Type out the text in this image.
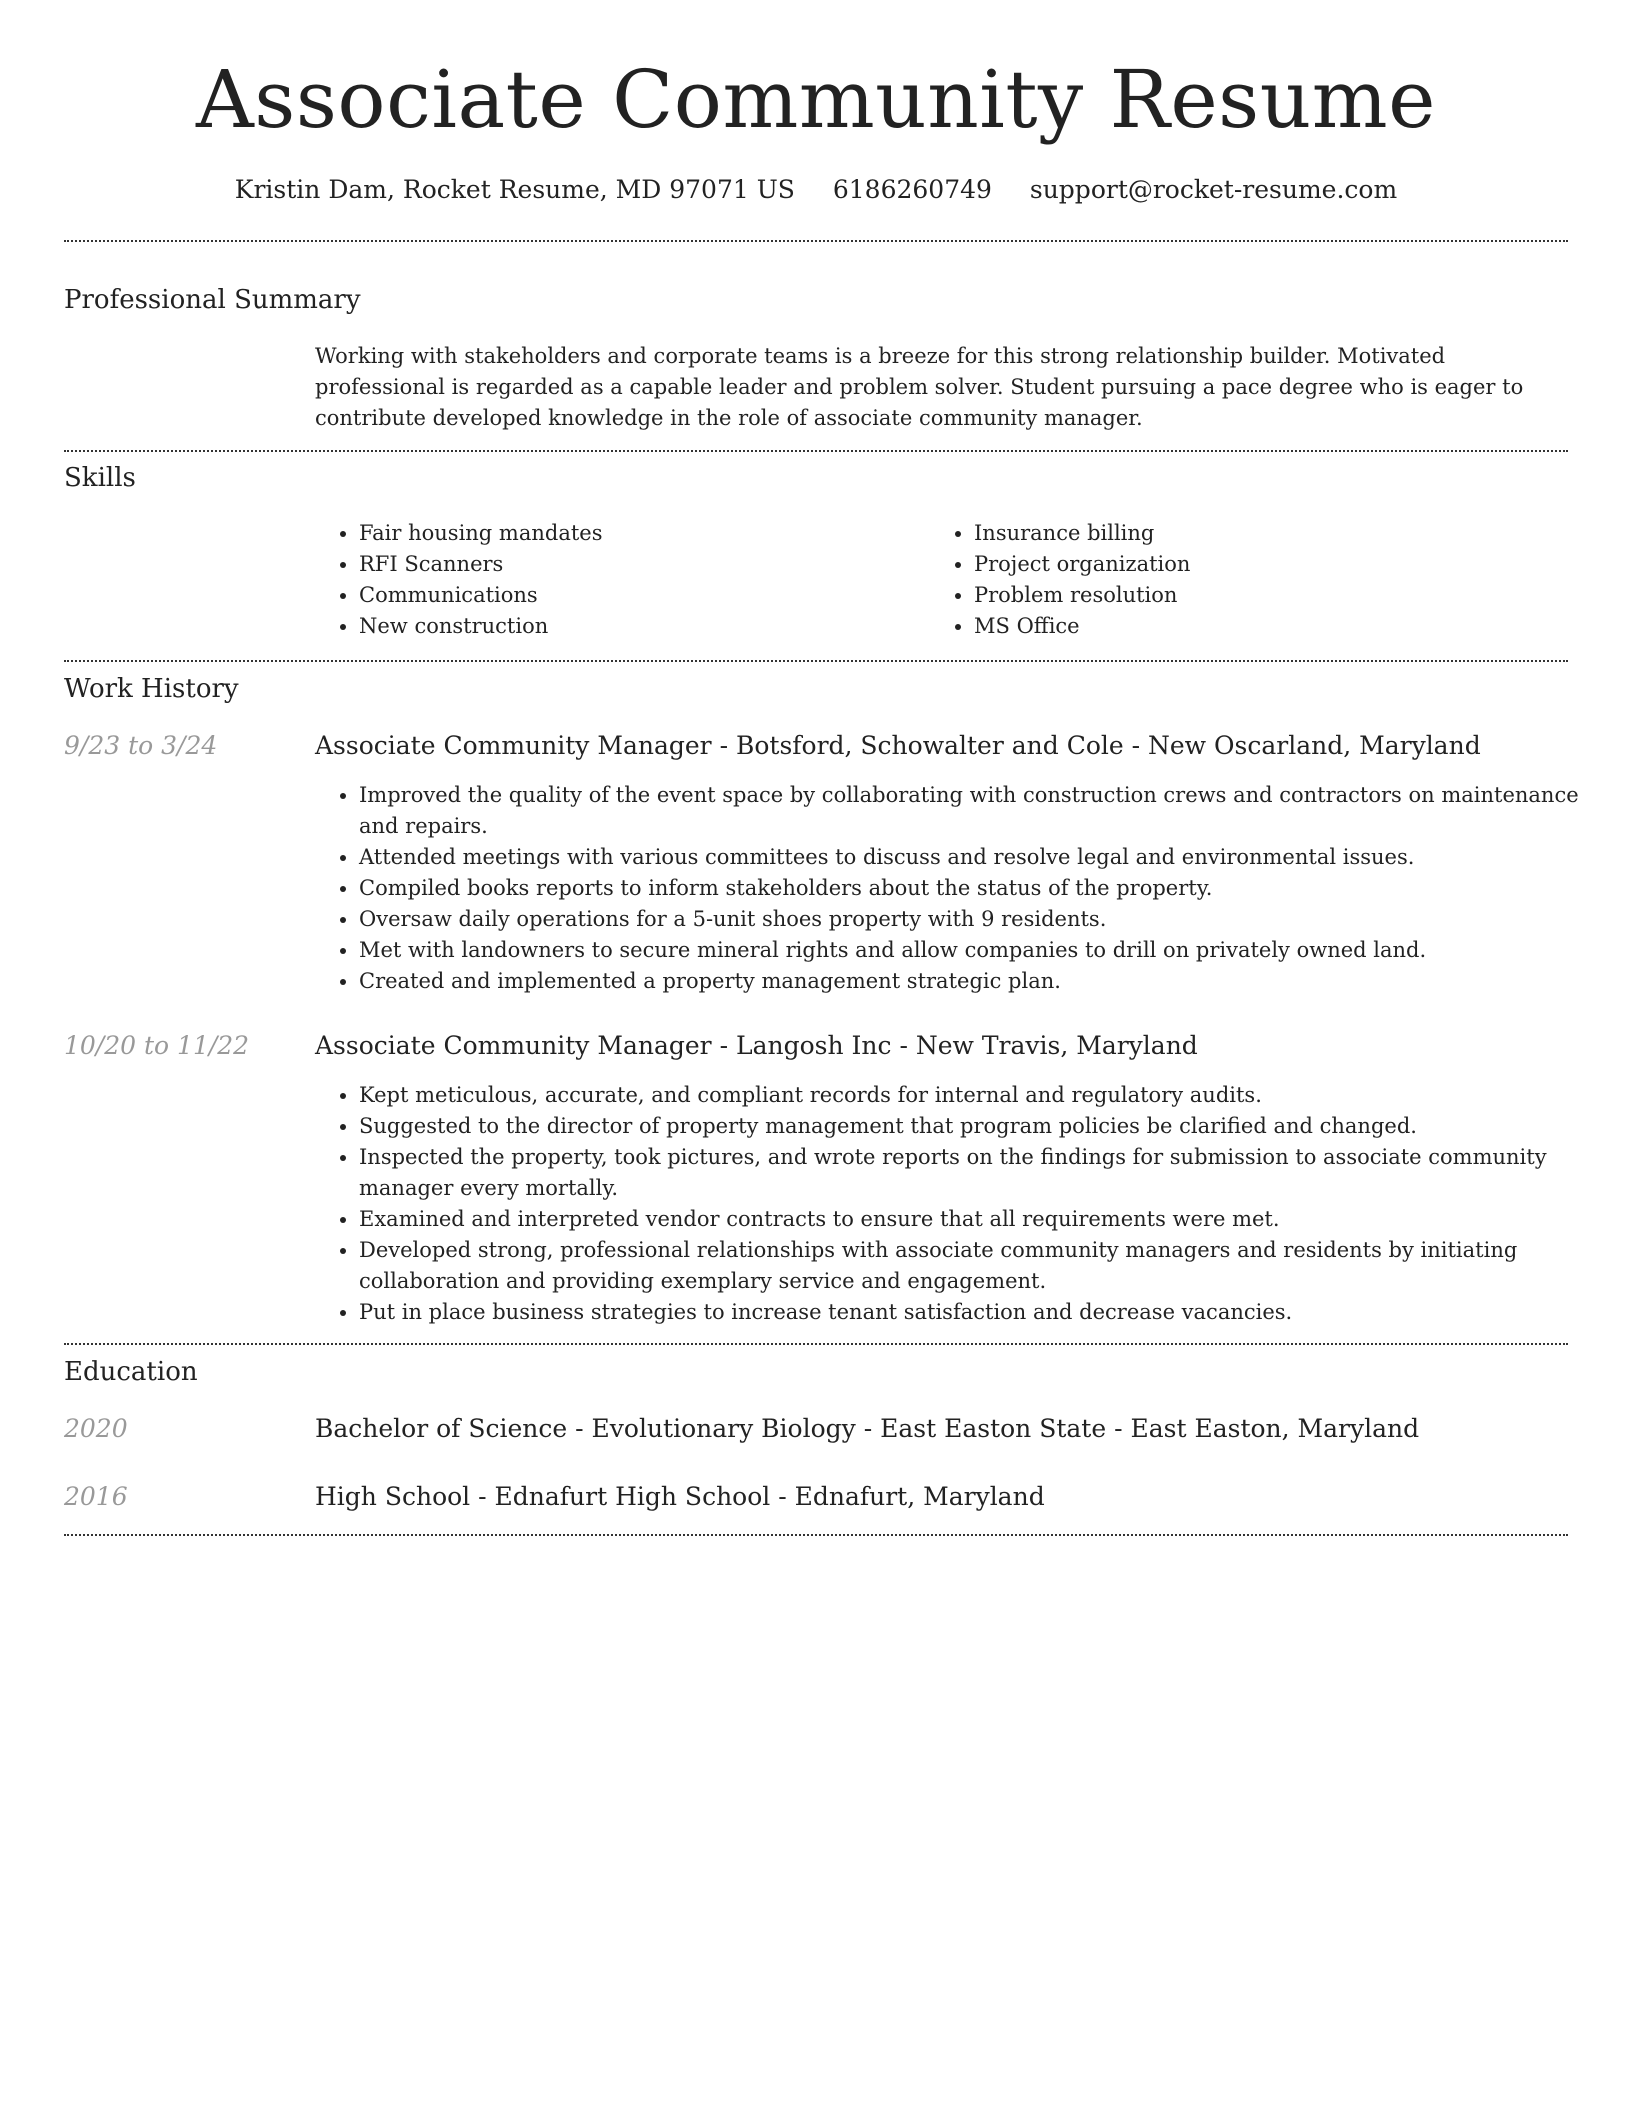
Associate Community Resume
Kristin Dam, Rocket Resume, MD 97071 US 6186260749 support@rocket-resume.com
Professional Summary

Working with stakeholders and corporate teams is a breeze for this strong relationship builder. Motivated professional is regarded as a capable leader and problem solver. Student pursuing a pace degree who is eager to contribute developed knowledge in the role of associate community manager.

Skills
• Fair housing mandates
• RFI Scanners
• Communications
• New construction
• Insurance billing
• Project organization
• Problem resolution
• MS Office
Work History
9/23 to 3/24	Associate Community Manager - Botsford, Schowalter and Cole - New Oscarland, Maryland
• Improved the quality of the event space by collaborating with construction crews and contractors on maintenance and repairs.
• Attended meetings with various committees to discuss and resolve legal and environmental issues.
• Compiled books reports to inform stakeholders about the status of the property.
• Oversaw daily operations for a 5-unit shoes property with 9 residents.
• Met with landowners to secure mineral rights and allow companies to drill on privately owned land.
• Created and implemented a property management strategic plan.
10/20 to 11/22	Associate Community Manager - Langosh Inc - New Travis, Maryland
• Kept meticulous, accurate, and compliant records for internal and regulatory audits.
• Suggested to the director of property management that program policies be clarified and changed.
• Inspected the property, took pictures, and wrote reports on the findings for submission to associate community manager every mortally.
• Examined and interpreted vendor contracts to ensure that all requirements were met.
• Developed strong, professional relationships with associate community managers and residents by initiating collaboration and providing exemplary service and engagement.
• Put in place business strategies to increase tenant satisfaction and decrease vacancies.
Education
2020	Bachelor of Science - Evolutionary Biology - East Easton State - East Easton, Maryland
2016	High School - Ednafurt High School - Ednafurt, Maryland
